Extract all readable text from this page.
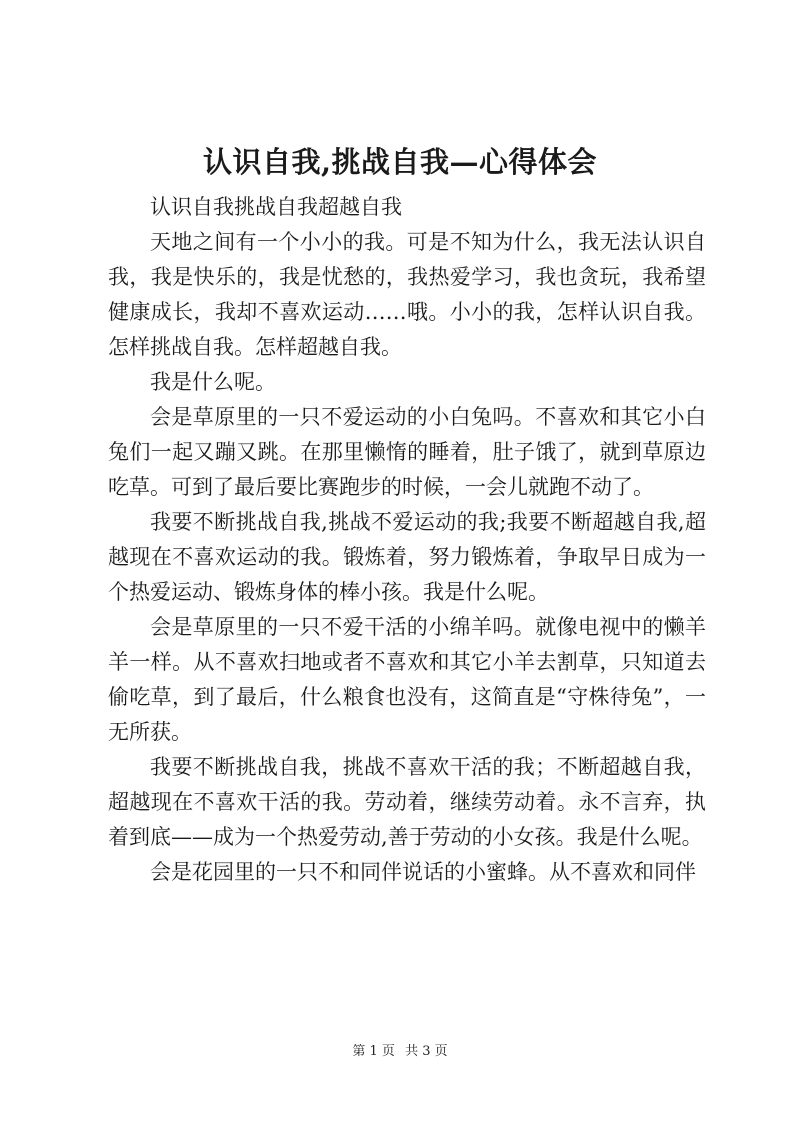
认识自我,挑战自我—心得体会

认识自我挑战自我超越自我

天地之间有一个小小的我。可是不知为什么，我无法认识自我，我是快乐的，我是忧愁的，我热爱学习，我也贪玩，我希望健康成长，我却不喜欢运动……哦。小小的我，怎样认识自我。怎样挑战自我。怎样超越自我。

我是什么呢。

会是草原里的一只不爱运动的小白兔吗。不喜欢和其它小白兔们一起又蹦又跳。在那里懒惰的睡着，肚子饿了，就到草原边吃草。可到了最后要比赛跑步的时候，一会儿就跑不动了。

我要不断挑战自我,挑战不爱运动的我;我要不断超越自我,超越现在不喜欢运动的我。锻炼着，努力锻炼着，争取早日成为一个热爱运动、锻炼身体的棒小孩。我是什么呢。

会是草原里的一只不爱干活的小绵羊吗。就像电视中的懒羊羊一样。从不喜欢扫地或者不喜欢和其它小羊去割草，只知道去偷吃草，到了最后，什么粮食也没有，这简直是“守株待兔”，一无所获。

我要不断挑战自我，挑战不喜欢干活的我；不断超越自我，超越现在不喜欢干活的我。劳动着，继续劳动着。永不言弃，执着到底——成为一个热爱劳动,善于劳动的小女孩。我是什么呢。

会是花园里的一只不和同伴说话的小蜜蜂。从不喜欢和同伴

第 1 页 共 3 页
